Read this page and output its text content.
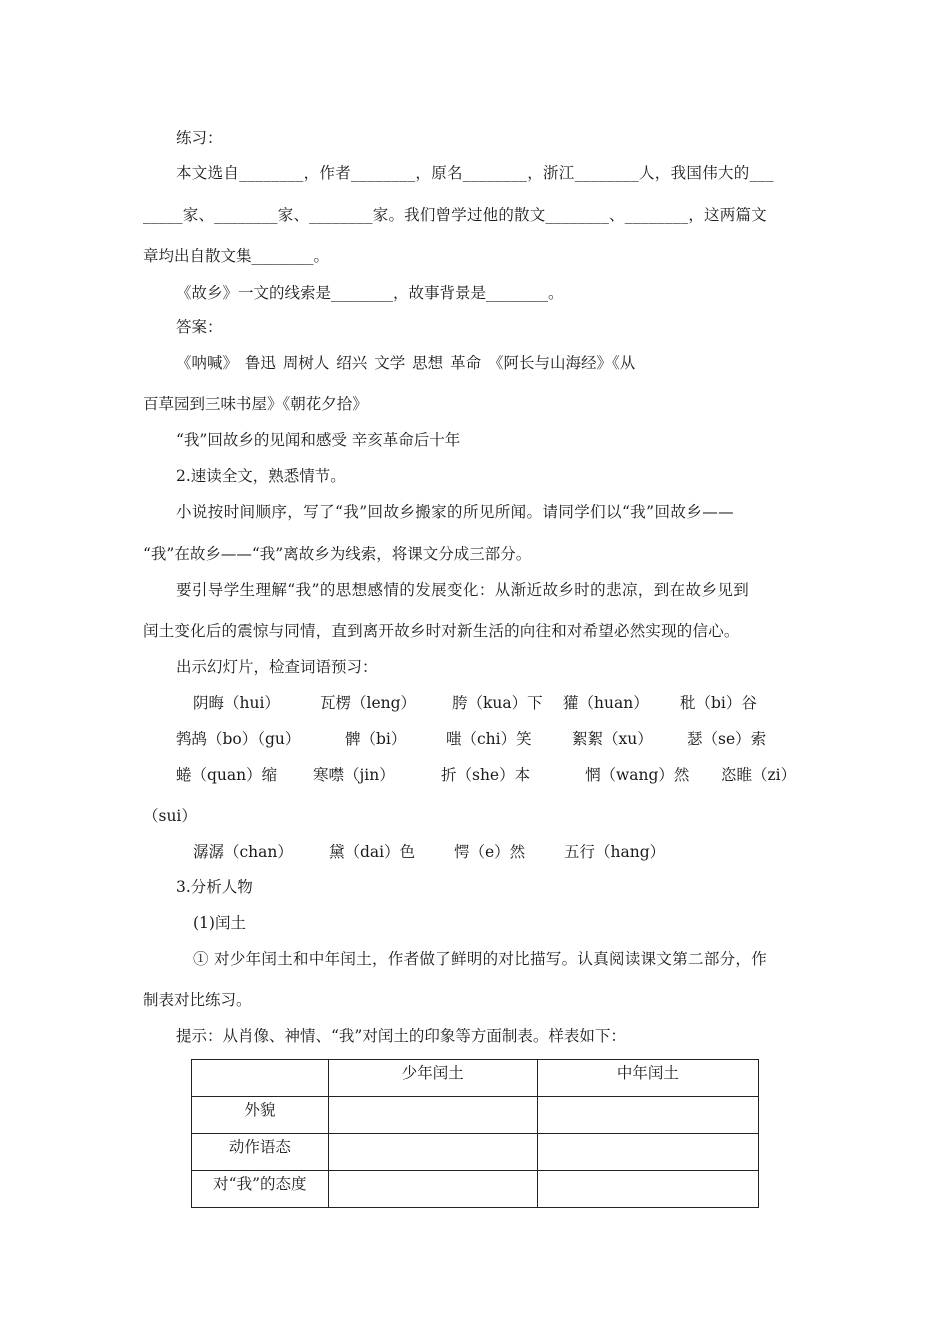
练习：
本文选自________，作者________，原名________，浙江________人，我国伟大的___
_____家、________家、________家。我们曾学过他的散文________、________，这两篇文
章均出自散文集________。
《故乡》一文的线索是________，故事背景是________。
答案：
《呐喊》 鲁迅 周树人 绍兴 文学 思想 革命 《阿长与山海经》《从
百草园到三味书屋》《朝花夕拾》
“我”回故乡的见闻和感受 辛亥革命后十年
2.速读全文，熟悉情节。
小说按时间顺序，写了“我”回故乡搬家的所见所闻。请同学们以“我”回故乡——
“我”在故乡——“我”离故乡为线索，将课文分成三部分。
要引导学生理解“我”的思想感情的发展变化：从渐近故乡时的悲凉，到在故乡见到
闰土变化后的震惊与同情，直到离开故乡时对新生活的向往和对希望必然实现的信心。
出示幻灯片，检查词语预习：
阴晦（hui）	瓦楞（leng） 胯（kua）下 獾（huan） 秕（bi）谷
鹁鸪（bo）（gu）	髀（bi）	嗤（chi）笑	絮絮（xu） 瑟（se）索
蜷（quan）缩 寒噤（jin）	折（she）本	惘（wang）然 恣睢（zi）
（sui）
潺潺（chan） 黛（dai）色	愕（e）然	五行（hang）
3.分析人物
(1)闰土
① 对少年闰土和中年闰土，作者做了鲜明的对比描写。认真阅读课文第二部分，作
制表对比练习。
提示：从肖像、神情、“我”对闰土的印象等方面制表。样表如下：
	少年闰土	中年闰土
外貌		
动作语态		
对“我”的态度		
